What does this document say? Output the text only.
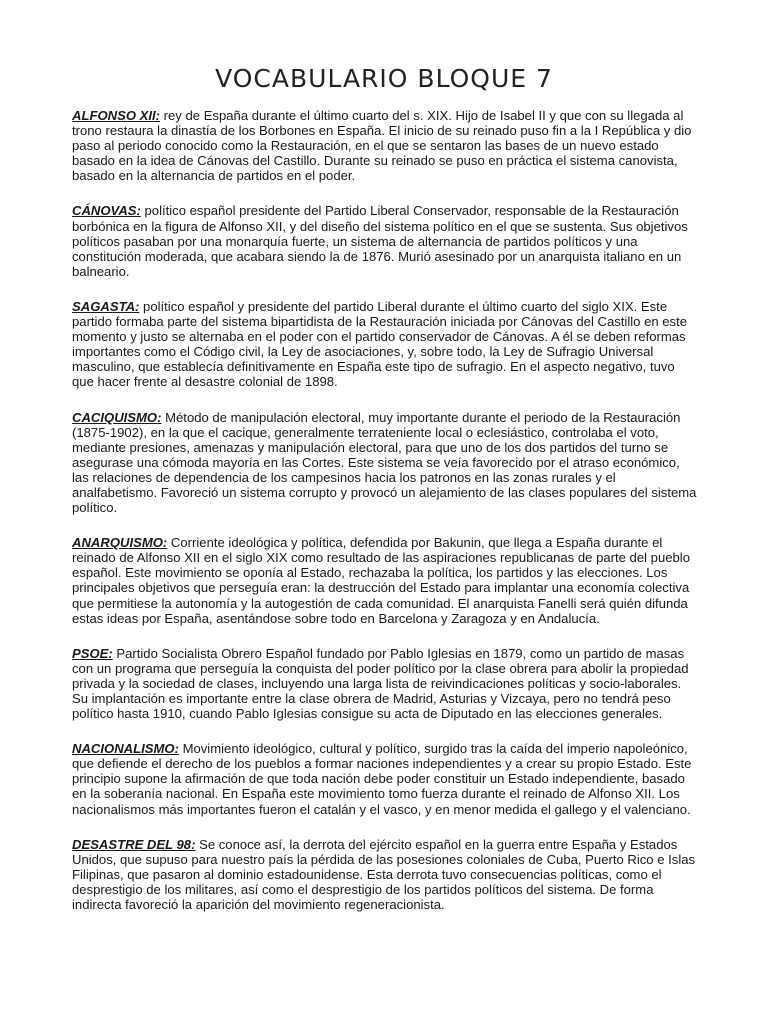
VOCABULARIO BLOQUE 7

ALFONSO XII: rey de España durante el último cuarto del s. XIX. Hijo de Isabel II y que con su llegada al trono restaura la dinastía de los Borbones en España. El inicio de su reinado puso fin a la I República y dio paso al periodo conocido como la Restauración, en el que se sentaron las bases de un nuevo estado basado en la idea de Cánovas del Castillo. Durante su reinado se puso en práctica el sistema canovista, basado en la alternancia de partidos en el poder.

CÁNOVAS: político español presidente del Partido Liberal Conservador, responsable de la Restauración borbónica en la figura de Alfonso XII, y del diseño del sistema político en el que se sustenta. Sus objetivos políticos pasaban por una monarquía fuerte, un sistema de alternancia de partidos políticos y una constitución moderada, que acabara siendo la de 1876. Murió asesinado por un anarquista italiano en un balneario.

SAGASTA: político español y presidente del partido Liberal durante el último cuarto del siglo XIX. Este partido formaba parte del sistema bipartidista de la Restauración iniciada por Cánovas del Castillo en este momento y justo se alternaba en el poder con el partido conservador de Cánovas. A él se deben reformas importantes como el Código civil, la Ley de asociaciones, y, sobre todo, la Ley de Sufragio Universal masculino, que establecía definitivamente en España este tipo de sufragio. En el aspecto negativo, tuvo que hacer frente al desastre colonial de 1898.

CACIQUISMO: Método de manipulación electoral, muy importante durante el periodo de la Restauración (1875-1902), en la que el cacique, generalmente terrateniente local o eclesiástico, controlaba el voto, mediante presiones, amenazas y manipulación electoral, para que uno de los dos partidos del turno se asegurase una cómoda mayoría en las Cortes. Este sistema se veía favorecido por el atraso económico, las relaciones de dependencia de los campesinos hacia los patronos en las zonas rurales y el analfabetismo. Favoreció un sistema corrupto y provocó un alejamiento de las clases populares del sistema político.

ANARQUISMO: Corriente ideológica y política, defendida por Bakunin, que llega a España durante el reinado de Alfonso XII en el siglo XIX como resultado de las aspiraciones republicanas de parte del pueblo español. Este movimiento se oponía al Estado, rechazaba la política, los partidos y las elecciones. Los principales objetivos que perseguía eran: la destrucción del Estado para implantar una economía colectiva que permitiese la autonomía y la autogestión de cada comunidad. El anarquista Fanelli será quién difunda estas ideas por España, asentándose sobre todo en Barcelona y Zaragoza y en Andalucía.

PSOE: Partido Socialista Obrero Español fundado por Pablo Iglesias en 1879, como un partido de masas con un programa que perseguía la conquista del poder político por la clase obrera para abolir la propiedad privada y la sociedad de clases, incluyendo una larga lista de reivindicaciones políticas y socio-laborales. Su implantación es importante entre la clase obrera de Madrid, Asturias y Vizcaya, pero no tendrá peso político hasta 1910, cuando Pablo Iglesias consigue su acta de Diputado en las elecciones generales.

NACIONALISMO: Movimiento ideológico, cultural y político, surgido tras la caída del imperio napoleónico, que defiende el derecho de los pueblos a formar naciones independientes y a crear su propio Estado. Este principio supone la afirmación de que toda nación debe poder constituir un Estado independiente, basado en la soberanía nacional. En España este movimiento tomo fuerza durante el reinado de Alfonso XII. Los nacionalismos más importantes fueron el catalán y el vasco, y en menor medida el gallego y el valenciano.

DESASTRE DEL 98: Se conoce así, la derrota del ejército español en la guerra entre España y Estados Unidos, que supuso para nuestro país la pérdida de las posesiones coloniales de Cuba, Puerto Rico e Islas Filipinas, que pasaron al dominio estadounidense. Esta derrota tuvo consecuencias políticas, como el desprestigio de los militares, así como el desprestigio de los partidos políticos del sistema. De forma indirecta favoreció la aparición del movimiento regeneracionista.
